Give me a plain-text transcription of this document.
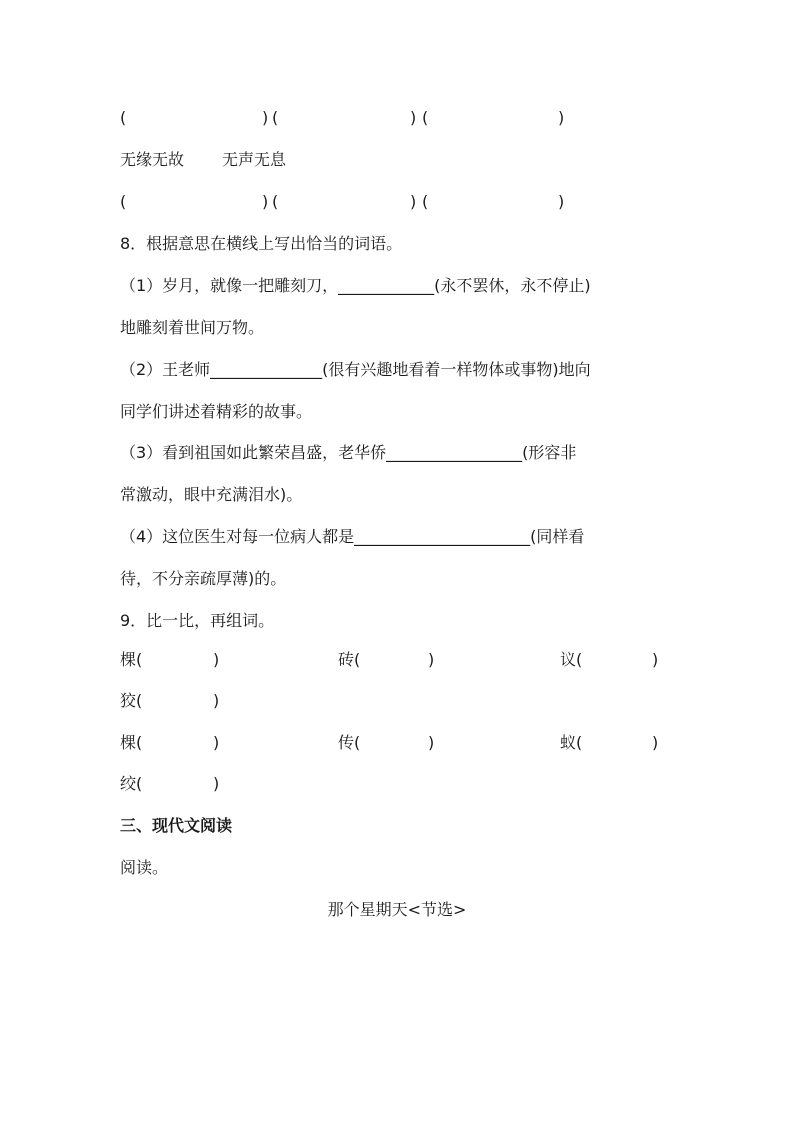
(	) (	) (	)
无缘无故 无声无息
(	) (	) (	)
8．根据意思在横线上写出恰当的词语。
（1）岁月，就像一把雕刻刀，____________(永不罢休，永不停止)
地雕刻着世间万物。
（2）王老师______________(很有兴趣地看着一样物体或事物)地向
同学们讲述着精彩的故事。
（3）看到祖国如此繁荣昌盛，老华侨_________________(形容非
常激动，眼中充满泪水)。
（4）这位医生对每一位病人都是______________________(同样看
待，不分亲疏厚薄)的。
9．比一比，再组词。
棵(	)	砖(	)	议(	)
狡(	)
棵(	)	传(	)	蚁(	)
绞(	)
三、现代文阅读
阅读。
那个星期天<节选>
